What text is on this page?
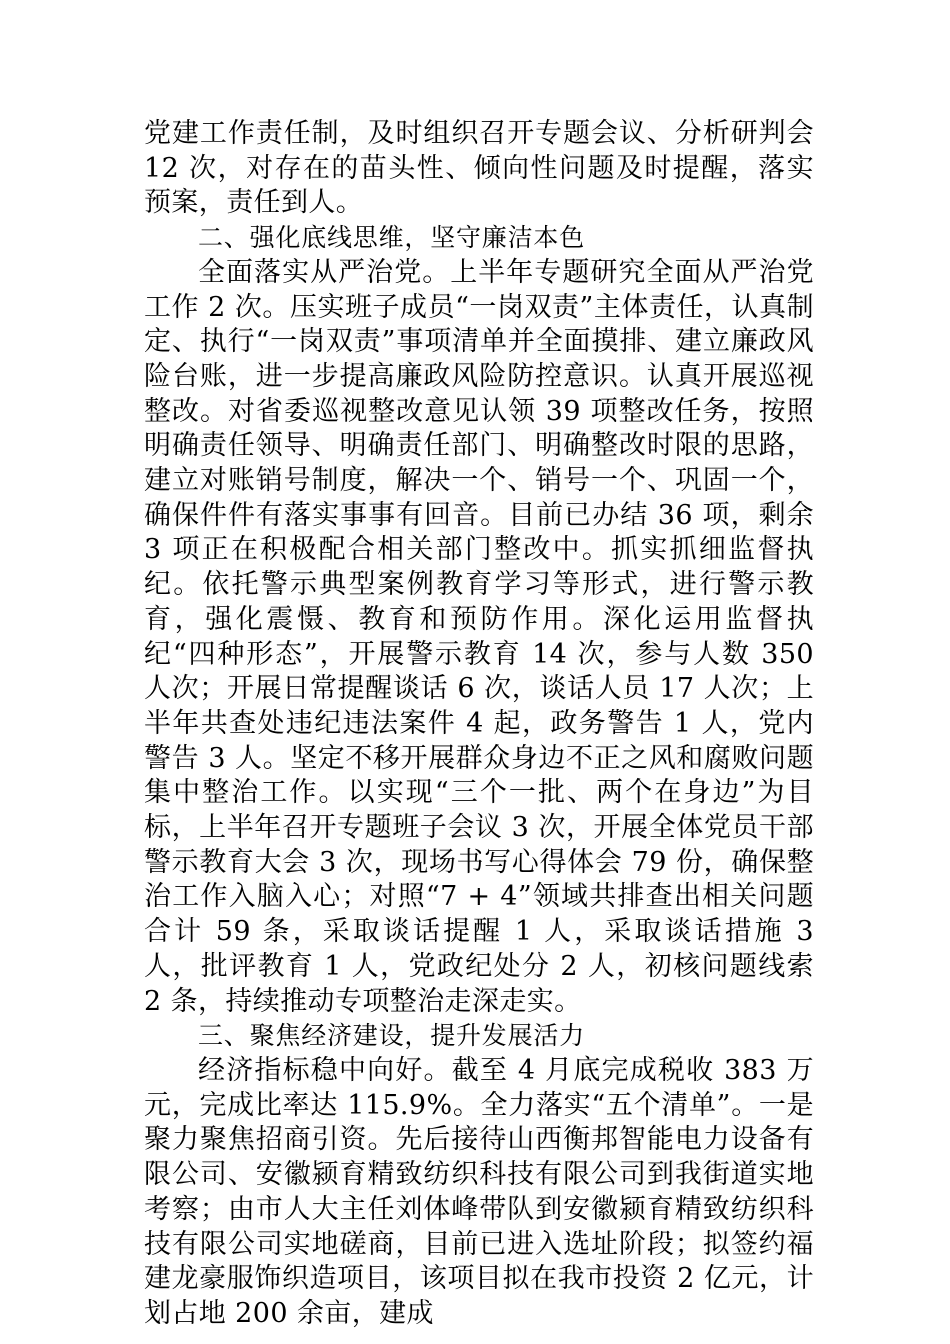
党建工作责任制，及时组织召开专题会议、分析研判会 12 次，对存在的苗头性、倾向性问题及时提醒，落实预案，责任到人。

二、强化底线思维，坚守廉洁本色

全面落实从严治党。上半年专题研究全面从严治党工作 2 次。压实班子成员“一岗双责”主体责任，认真制定、执行“一岗双责”事项清单并全面摸排、建立廉政风险台账，进一步提高廉政风险防控意识。认真开展巡视整改。对省委巡视整改意见认领 39 项整改任务，按照明确责任领导、明确责任部门、明确整改时限的思路，建立对账销号制度，解决一个、销号一个、巩固一个，确保件件有落实事事有回音。目前已办结 36 项，剩余 3 项正在积极配合相关部门整改中。抓实抓细监督执纪。依托警示典型案例教育学习等形式，进行警示教育，强化震慑、教育和预防作用。深化运用监督执纪“四种形态”，开展警示教育 14 次，参与人数 350 人次；开展日常提醒谈话 6 次，谈话人员 17 人次；上半年共查处违纪违法案件 4 起，政务警告 1 人，党内警告 3 人。坚定不移开展群众身边不正之风和腐败问题集中整治工作。以实现“三个一批、两个在身边”为目标，上半年召开专题班子会议 3 次，开展全体党员干部警示教育大会 3 次，现场书写心得体会 79 份，确保整治工作入脑入心；对照“7 + 4”领域共排查出相关问题合计 59 条，采取谈话提醒 1 人，采取谈话措施 3 人，批评教育 1 人，党政纪处分 2 人，初核问题线索 2 条，持续推动专项整治走深走实。

三、聚焦经济建设，提升发展活力

经济指标稳中向好。截至 4 月底完成税收 383 万元，完成比率达 115.9%。全力落实“五个清单”。一是聚力聚焦招商引资。先后接待山西衡邦智能电力设备有限公司、安徽颍育精致纺织科技有限公司到我街道实地考察；由市人大主任刘体峰带队到安徽颍育精致纺织科技有限公司实地磋商，目前已进入选址阶段；拟签约福建龙豪服饰织造项目，该项目拟在我市投资 2 亿元，计划占地 200 余亩，建成
